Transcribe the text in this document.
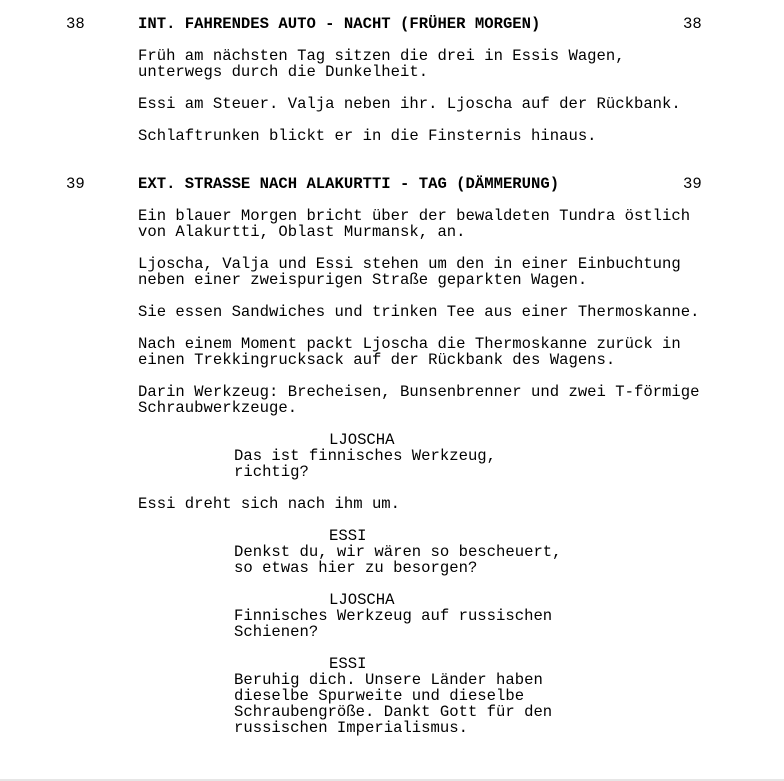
38	INT. FAHRENDES AUTO - NACHT (FRÜHER MORGEN)	38
Früh am nächsten Tag sitzen die drei in Essis Wagen,
unterwegs durch die Dunkelheit.
Essi am Steuer. Valja neben ihr. Ljoscha auf der Rückbank.
Schlaftrunken blickt er in die Finsternis hinaus.
39	EXT. STRASSE NACH ALAKURTTI - TAG (DÄMMERUNG)	39
Ein blauer Morgen bricht über der bewaldeten Tundra östlich
von Alakurtti, Oblast Murmansk, an.
Ljoscha, Valja und Essi stehen um den in einer Einbuchtung
neben einer zweispurigen Straße geparkten Wagen.
Sie essen Sandwiches und trinken Tee aus einer Thermoskanne.
Nach einem Moment packt Ljoscha die Thermoskanne zurück in
einen Trekkingrucksack auf der Rückbank des Wagens.
Darin Werkzeug: Brecheisen, Bunsenbrenner und zwei T-förmige
Schraubwerkzeuge.
LJOSCHA
Das ist finnisches Werkzeug,
richtig?
Essi dreht sich nach ihm um.
ESSI
Denkst du, wir wären so bescheuert,
so etwas hier zu besorgen?
LJOSCHA
Finnisches Werkzeug auf russischen
Schienen?
ESSI
Beruhig dich. Unsere Länder haben
dieselbe Spurweite und dieselbe
Schraubengröße. Dankt Gott für den
russischen Imperialismus.
